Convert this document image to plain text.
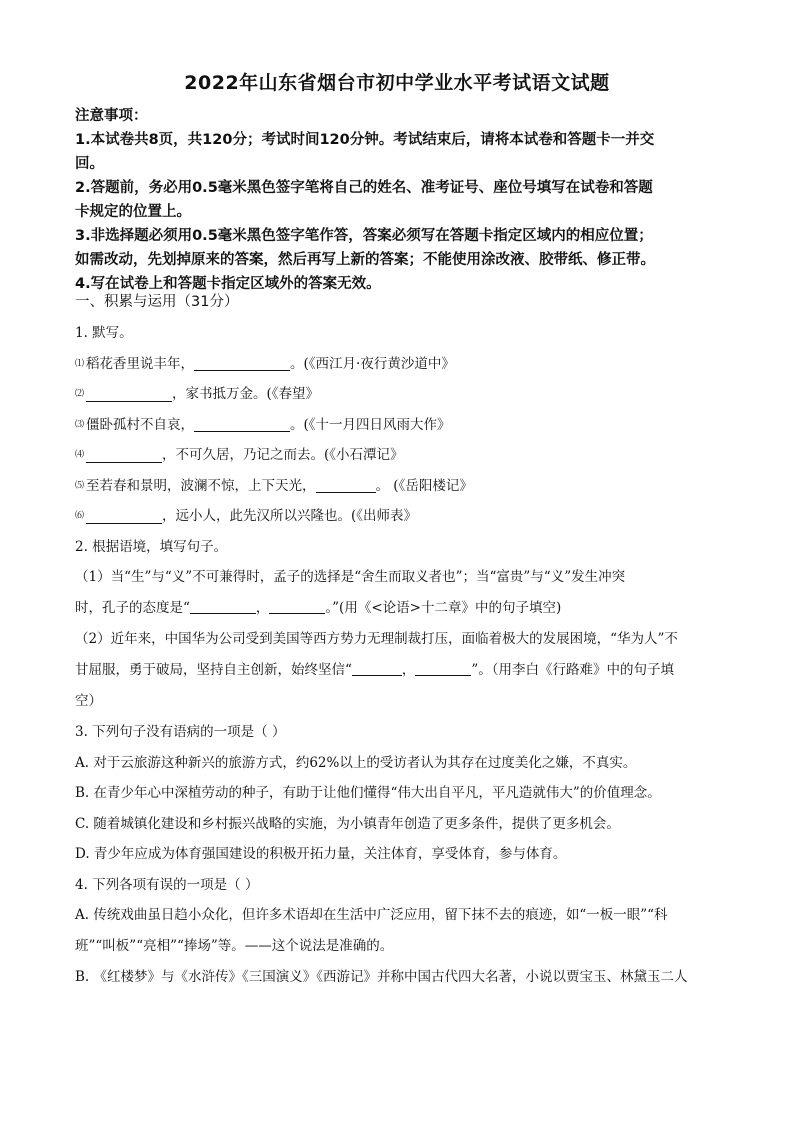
2022年山东省烟台市初中学业水平考试语文试题

注意事项：

1.本试卷共8页，共120分；考试时间120分钟。考试结束后，请将本试卷和答题卡一并交

回。

2.答题前，务必用0.5毫米黑色签字笔将自己的姓名、准考证号、座位号填写在试卷和答题

卡规定的位置上。

3.非选择题必须用0.5毫米黑色签字笔作答，答案必须写在答题卡指定区域内的相应位置；

如需改动，先划掉原来的答案，然后再写上新的答案；不能使用涂改液、胶带纸、修正带。

4.写在试卷上和答题卡指定区域外的答案无效。

一、积累与运用（31分）
1. 默写。
⑴ 稻花香里说丰年，	。(《西江月·夜行黄沙道中》
⑵	，家书抵万金。(《春望》
⑶ 僵卧孤村不自哀，	。(《十一月四日风雨大作》
⑷	，不可久居，乃记之而去。(《小石潭记》
⑸ 至若春和景明，波澜不惊，上下天光，	。 (《岳阳楼记》
⑹	，远小人，此先汉所以兴隆也。(《出师表》
2. 根据语境，填写句子。

（1）当“生”与“义”不可兼得时，孟子的选择是“舍生而取义者也”；当“富贵”与“义”发生冲突

时，孔子的态度是“	，	。”(用《<论语>十二章》中的句子填空)

（2）近年来，中国华为公司受到美国等西方势力无理制裁打压，面临着极大的发展困境，“华为人”不

甘屈服，勇于破局，坚持自主创新，始终坚信“	，	”。（用李白《行路难》中的句子填

空）

3. 下列句子没有语病的一项是（ ）
A. 对于云旅游这种新兴的旅游方式，约62%以上的受访者认为其存在过度美化之嫌，不真实。
B. 在青少年心中深植劳动的种子，有助于让他们懂得“伟大出自平凡，平凡造就伟大”的价值理念。
C. 随着城镇化建设和乡村振兴战略的实施，为小镇青年创造了更多条件，提供了更多机会。
D. 青少年应成为体育强国建设的积极开拓力量，关注体育，享受体育，参与体育。
4. 下列各项有误的一项是（ ）

A. 传统戏曲虽日趋小众化，但许多术语却在生活中广泛应用，留下抹不去的痕迹，如“一板一眼”“科

班”“叫板”“亮相”“捧场”等。——这个说法是准确的。

B. 《红楼梦》与《水浒传》《三国演义》《西游记》并称中国古代四大名著，小说以贾宝玉、林黛玉二人
